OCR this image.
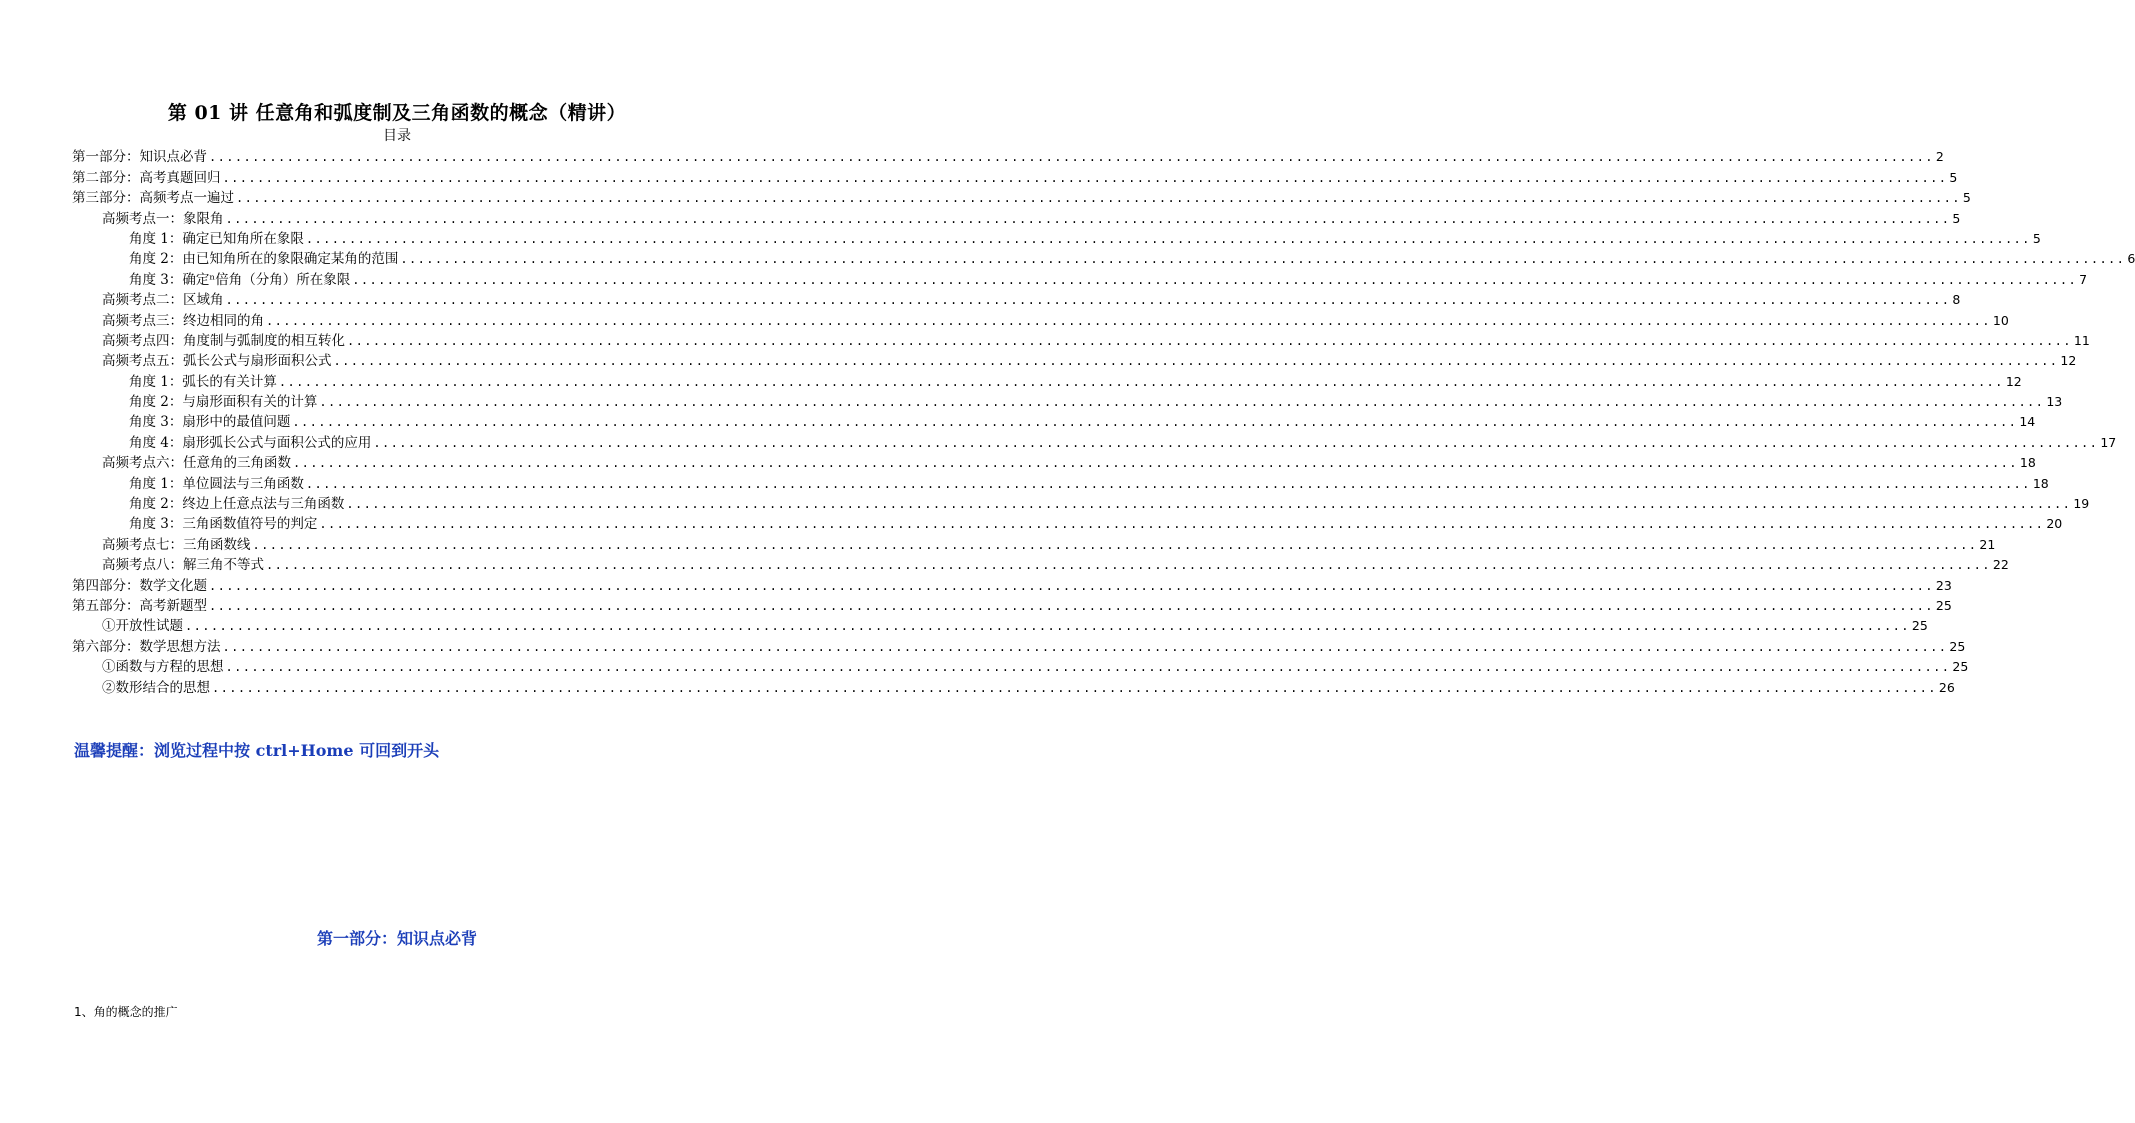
第 01 讲 任意角和弧度制及三角函数的概念（精讲）
目录
第一部分：知识点必背 ........................................................................................................................................................................................................ 2
第二部分：高考真题回归 ........................................................................................................................................................................................................ 5
第三部分：高频考点一遍过 ........................................................................................................................................................................................................ 5
高频考点一：象限角 ........................................................................................................................................................................................................ 5
角度 1：确定已知角所在象限 ........................................................................................................................................................................................................ 5
角度 2：由已知角所在的象限确定某角的范围 ........................................................................................................................................................................................................ 6
角度 3：确定ⁿ倍角（分角）所在象限 ........................................................................................................................................................................................................ 7
高频考点二：区域角 ........................................................................................................................................................................................................ 8
高频考点三：终边相同的角 ........................................................................................................................................................................................................ 10
高频考点四：角度制与弧制度的相互转化 ........................................................................................................................................................................................................ 11
高频考点五：弧长公式与扇形面积公式 ........................................................................................................................................................................................................ 12
角度 1：弧长的有关计算 ........................................................................................................................................................................................................ 12
角度 2：与扇形面积有关的计算 ........................................................................................................................................................................................................ 13
角度 3：扇形中的最值问题 ........................................................................................................................................................................................................ 14
角度 4：扇形弧长公式与面积公式的应用 ........................................................................................................................................................................................................ 17
高频考点六：任意角的三角函数 ........................................................................................................................................................................................................ 18
角度 1：单位圆法与三角函数 ........................................................................................................................................................................................................ 18
角度 2：终边上任意点法与三角函数 ........................................................................................................................................................................................................ 19
角度 3：三角函数值符号的判定 ........................................................................................................................................................................................................ 20
高频考点七：三角函数线 ........................................................................................................................................................................................................ 21
高频考点八：解三角不等式 ........................................................................................................................................................................................................ 22
第四部分：数学文化题 ........................................................................................................................................................................................................ 23
第五部分：高考新题型 ........................................................................................................................................................................................................ 25
①开放性试题 ........................................................................................................................................................................................................ 25
第六部分：数学思想方法 ........................................................................................................................................................................................................ 25
①函数与方程的思想 ........................................................................................................................................................................................................ 25
②数形结合的思想 ........................................................................................................................................................................................................ 26
温馨提醒：浏览过程中按 ctrl+Home 可回到开头
第一部分：知识点必背
1、角的概念的推广
